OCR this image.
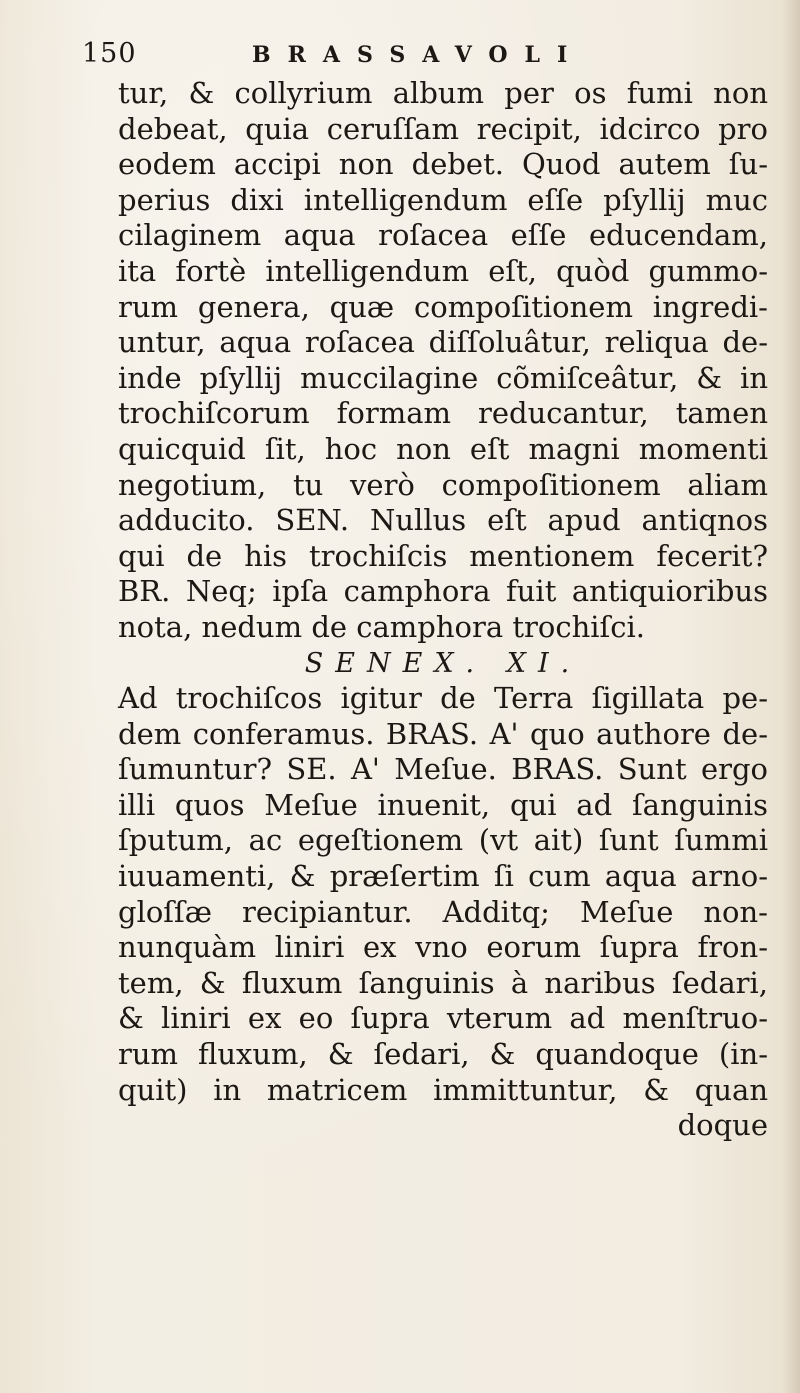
150	BRASSAVOLI
tur, & collyrium album per os fumi non
debeat, quia ceruſſam recipit, idcirco pro
eodem accipi non debet. Quod autem ſu-
perius dixi intelligendum eſſe pſyllij muc
cilaginem aqua roſacea eſſe educendam,
ita fortè intelligendum eſt, quòd gummo-
rum genera, quæ compoſitionem ingredi-
untur, aqua roſacea diſſoluâtur, reliqua de-
inde pſyllij muccilagine cõmiſceâtur, & in
trochiſcorum formam reducantur, tamen
quicquid ſit, hoc non eſt magni momenti
negotium, tu verò compoſitionem aliam
adducito. SEN. Nullus eſt apud antiqnos
qui de his trochiſcis mentionem fecerit?
BR. Neq; ipſa camphora fuit antiquioribus
nota, nedum de camphora trochiſci.
SENEX. XI.
Ad trochiſcos igitur de Terra ſigillata pe-
dem conferamus. BRAS. A' quo authore de-
ſumuntur? SE. A' Meſue. BRAS. Sunt ergo
illi quos Meſue inuenit, qui ad ſanguinis
ſputum, ac egeſtionem (vt ait) ſunt ſummi
iuuamenti, & præſertim ſi cum aqua arno-
gloſſæ recipiantur. Additq; Meſue non-
nunquàm liniri ex vno eorum ſupra fron-
tem, & fluxum ſanguinis à naribus ſedari,
& liniri ex eo ſupra vterum ad menſtruo-
rum fluxum, & ſedari, & quandoque (in-
quit) in matricem immittuntur, & quan
doque
